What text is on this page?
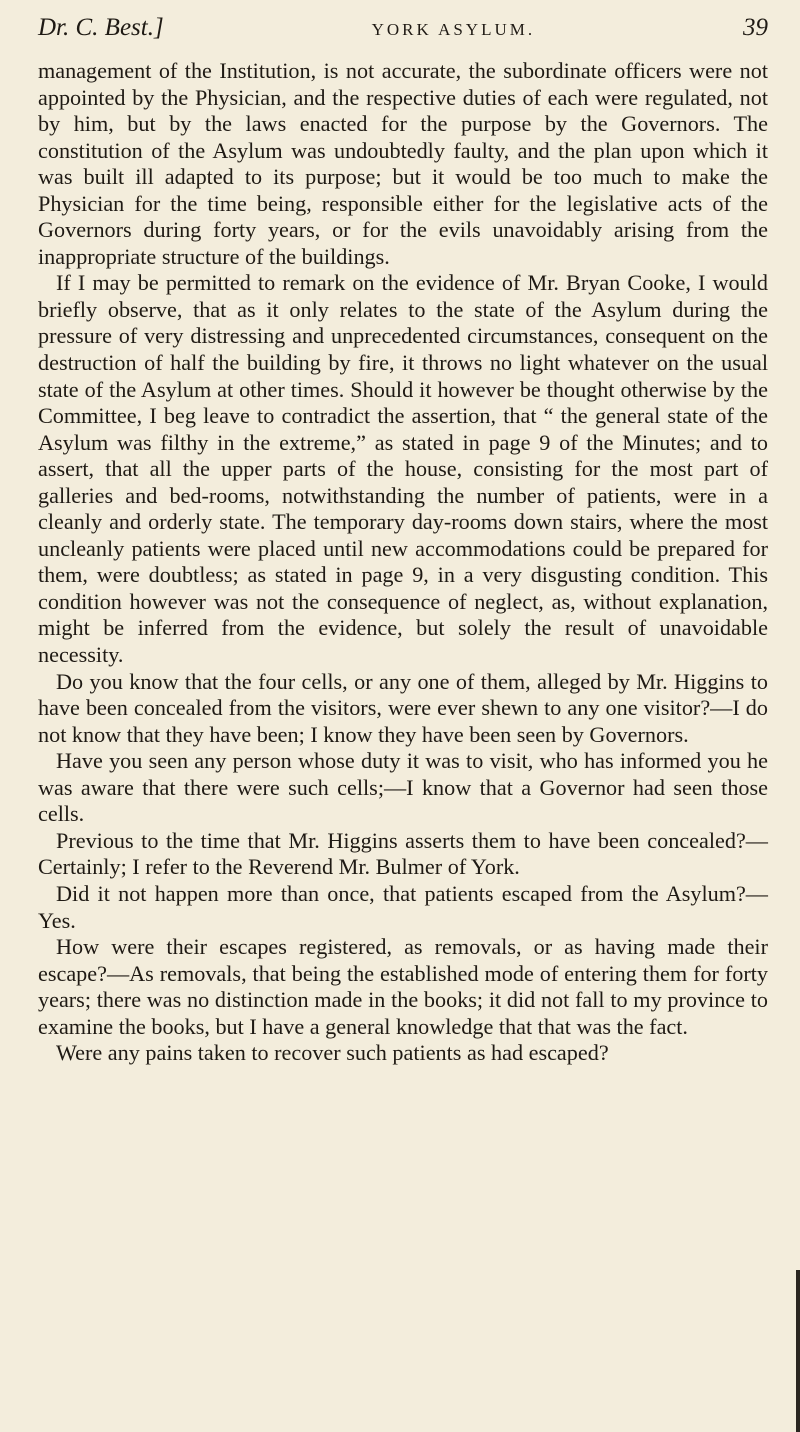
Dr. C. Best.]	YORK ASYLUM.	39

management of the Institution, is not accurate, the subordinate officers were not appointed by the Physician, and the respective duties of each were regulated, not by him, but by the laws enacted for the purpose by the Governors. The constitution of the Asylum was undoubtedly faulty, and the plan upon which it was built ill adapted to its purpose; but it would be too much to make the Physician for the time being, responsible either for the legislative acts of the Governors during forty years, or for the evils unavoidably arising from the inappropriate structure of the buildings.

If I may be permitted to remark on the evidence of Mr. Bryan Cooke, I would briefly observe, that as it only relates to the state of the Asylum during the pressure of very distressing and unprecedented circumstances, consequent on the destruction of half the building by fire, it throws no light whatever on the usual state of the Asylum at other times. Should it however be thought otherwise by the Committee, I beg leave to contradict the assertion, that “ the general state of the Asylum was filthy in the extreme,” as stated in page 9 of the Minutes; and to assert, that all the upper parts of the house, consisting for the most part of galleries and bed-rooms, notwithstanding the number of patients, were in a cleanly and orderly state. The temporary day-rooms down stairs, where the most uncleanly patients were placed until new accommodations could be prepared for them, were doubtless; as stated in page 9, in a very disgusting condition. This condition however was not the consequence of neglect, as, without explanation, might be inferred from the evidence, but solely the result of unavoidable necessity.

Do you know that the four cells, or any one of them, alleged by Mr. Higgins to have been concealed from the visitors, were ever shewn to any one visitor?—I do not know that they have been; I know they have been seen by Governors.

Have you seen any person whose duty it was to visit, who has informed you he was aware that there were such cells;—I know that a Governor had seen those cells.

Previous to the time that Mr. Higgins asserts them to have been concealed?—Certainly; I refer to the Reverend Mr. Bulmer of York.

Did it not happen more than once, that patients escaped from the Asylum?—Yes.

How were their escapes registered, as removals, or as having made their escape?—As removals, that being the established mode of entering them for forty years; there was no distinction made in the books; it did not fall to my province to examine the books, but I have a general knowledge that that was the fact.

Were any pains taken to recover such patients as had escaped?
